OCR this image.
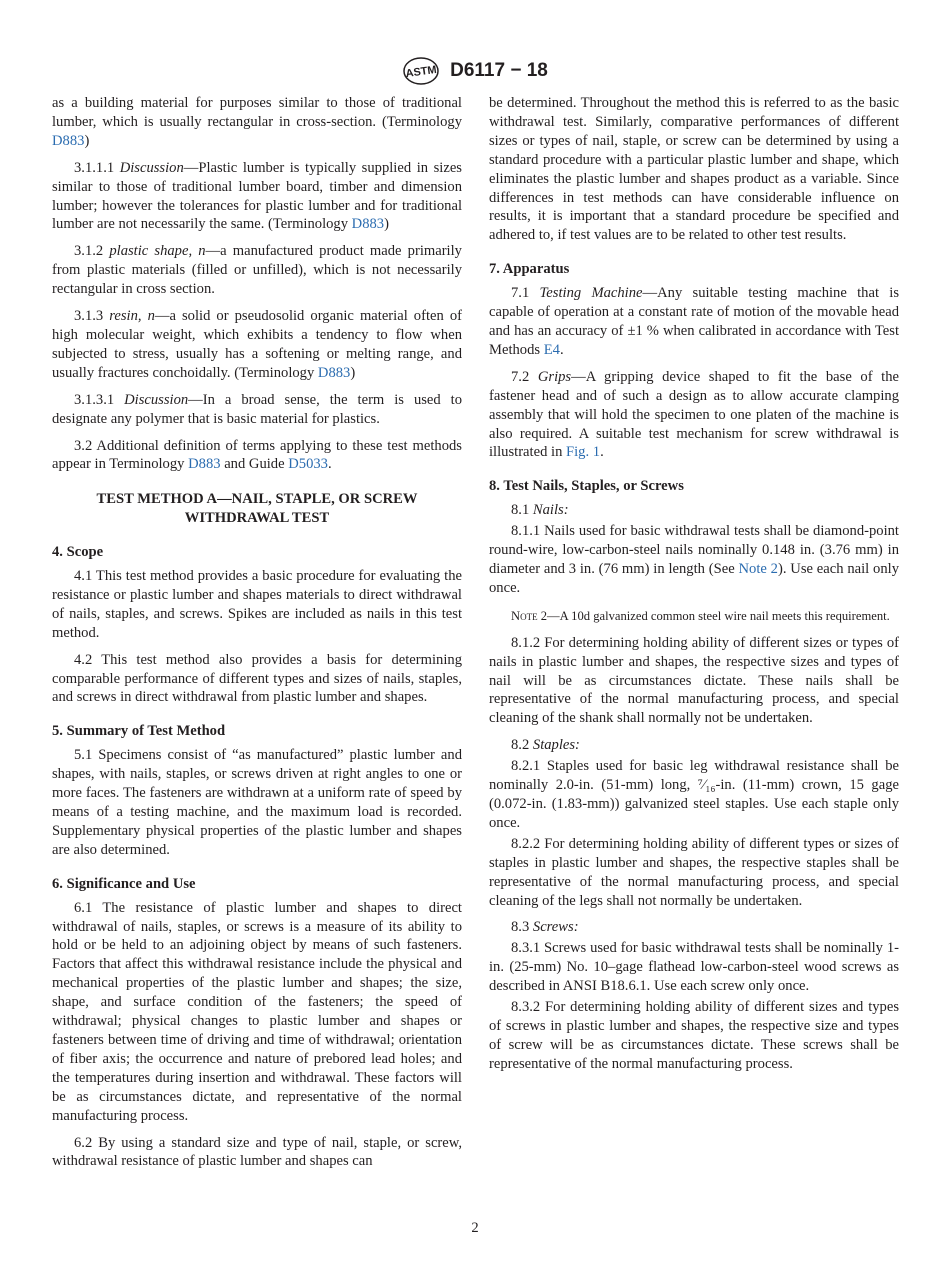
ASTM D6117 − 18
as a building material for purposes similar to those of traditional lumber, which is usually rectangular in cross-section. (Terminology D883)
3.1.1.1 Discussion—Plastic lumber is typically supplied in sizes similar to those of traditional lumber board, timber and dimension lumber; however the tolerances for plastic lumber and for traditional lumber are not necessarily the same. (Terminology D883)
3.1.2 plastic shape, n—a manufactured product made primarily from plastic materials (filled or unfilled), which is not necessarily rectangular in cross section.
3.1.3 resin, n—a solid or pseudosolid organic material often of high molecular weight, which exhibits a tendency to flow when subjected to stress, usually has a softening or melting range, and usually fractures conchoidally. (Terminology D883)
3.1.3.1 Discussion—In a broad sense, the term is used to designate any polymer that is basic material for plastics.
3.2 Additional definition of terms applying to these test methods appear in Terminology D883 and Guide D5033.
TEST METHOD A—NAIL, STAPLE, OR SCREW WITHDRAWAL TEST
4. Scope
4.1 This test method provides a basic procedure for evaluating the resistance or plastic lumber and shapes materials to direct withdrawal of nails, staples, and screws. Spikes are included as nails in this test method.
4.2 This test method also provides a basis for determining comparable performance of different types and sizes of nails, staples, and screws in direct withdrawal from plastic lumber and shapes.
5. Summary of Test Method
5.1 Specimens consist of “as manufactured” plastic lumber and shapes, with nails, staples, or screws driven at right angles to one or more faces. The fasteners are withdrawn at a uniform rate of speed by means of a testing machine, and the maximum load is recorded. Supplementary physical properties of the plastic lumber and shapes are also determined.
6. Significance and Use
6.1 The resistance of plastic lumber and shapes to direct withdrawal of nails, staples, or screws is a measure of its ability to hold or be held to an adjoining object by means of such fasteners. Factors that affect this withdrawal resistance include the physical and mechanical properties of the plastic lumber and shapes; the size, shape, and surface condition of the fasteners; the speed of withdrawal; physical changes to plastic lumber and shapes or fasteners between time of driving and time of withdrawal; orientation of fiber axis; the occurrence and nature of prebored lead holes; and the temperatures during insertion and withdrawal. These factors will be as circumstances dictate, and representative of the normal manufacturing process.
6.2 By using a standard size and type of nail, staple, or screw, withdrawal resistance of plastic lumber and shapes can
be determined. Throughout the method this is referred to as the basic withdrawal test. Similarly, comparative performances of different sizes or types of nail, staple, or screw can be determined by using a standard procedure with a particular plastic lumber and shape, which eliminates the plastic lumber and shapes product as a variable. Since differences in test methods can have considerable influence on results, it is important that a standard procedure be specified and adhered to, if test values are to be related to other test results.
7. Apparatus
7.1 Testing Machine—Any suitable testing machine that is capable of operation at a constant rate of motion of the movable head and has an accuracy of ±1 % when calibrated in accordance with Test Methods E4.
7.2 Grips—A gripping device shaped to fit the base of the fastener head and of such a design as to allow accurate clamping assembly that will hold the specimen to one platen of the machine is also required. A suitable test mechanism for screw withdrawal is illustrated in Fig. 1.
8. Test Nails, Staples, or Screws
8.1 Nails:
8.1.1 Nails used for basic withdrawal tests shall be diamond-point round-wire, low-carbon-steel nails nominally 0.148 in. (3.76 mm) in diameter and 3 in. (76 mm) in length (See Note 2). Use each nail only once.
Note 2—A 10d galvanized common steel wire nail meets this requirement.
8.1.2 For determining holding ability of different sizes or types of nails in plastic lumber and shapes, the respective sizes and types of nail will be as circumstances dictate. These nails shall be representative of the normal manufacturing process, and special cleaning of the shank shall normally not be undertaken.
8.2 Staples:
8.2.1 Staples used for basic leg withdrawal resistance shall be nominally 2.0-in. (51-mm) long, ⁷⁄₁₆-in. (11-mm) crown, 15 gage (0.072-in. (1.83-mm)) galvanized steel staples. Use each staple only once.
8.2.2 For determining holding ability of different types or sizes of staples in plastic lumber and shapes, the respective staples shall be representative of the normal manufacturing process, and special cleaning of the legs shall not normally be undertaken.
8.3 Screws:
8.3.1 Screws used for basic withdrawal tests shall be nominally 1-in. (25-mm) No. 10–gage flathead low-carbon-steel wood screws as described in ANSI B18.6.1. Use each screw only once.
8.3.2 For determining holding ability of different sizes and types of screws in plastic lumber and shapes, the respective size and types of screw will be as circumstances dictate. These screws shall be representative of the normal manufacturing process.
2
